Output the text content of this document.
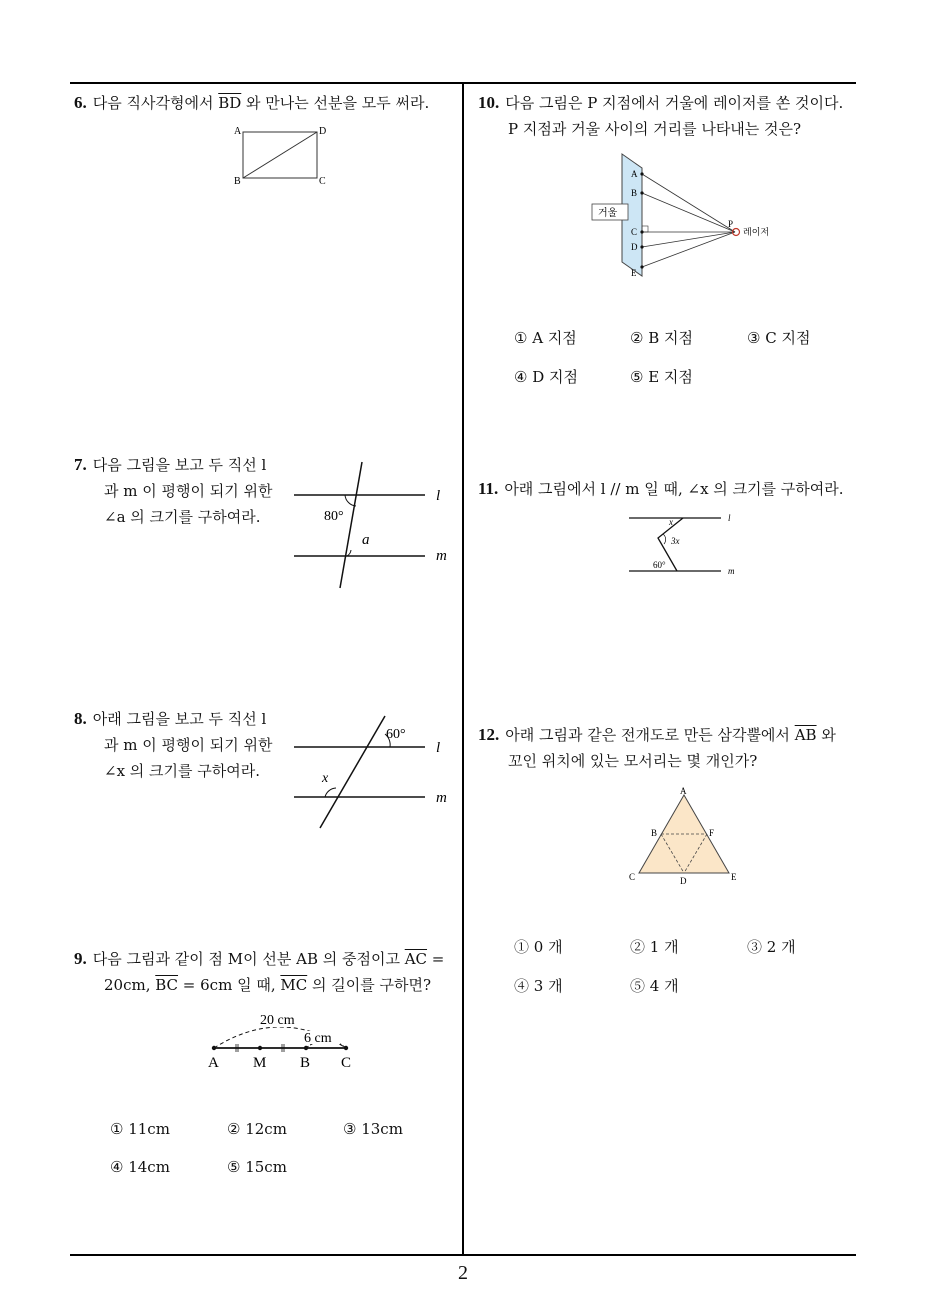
6. 다음 직사각형에서 $\overline{BD}$ 와 만나는 선분을 모두 써라.
A	D
B	C
7. 다음 그림을 보고 두 직선 l
과 m 이 평행이 되기 위한
∠a 의 크기를 구하여라.	80°
a
l
m
8. 아래 그림을 보고 두 직선 l
과 m 이 평행이 되기 위한
∠x 의 크기를 구하여라.
60°
x
l
m
9. 다음 그림과 같이 점 M이 선분 AB 의 중점이고 $\overline{AC}$ =
20cm, $\overline{BC} = 6cm$ 일 때, $\overline{MC}$ 의 길이를 구하면?
20 cm
6 cm
A M B C
① 11cm	② 12cm	③ 13cm
④ 14cm	⑤ 15cm
10. 다음 그림은 P 지점에서 거울에 레이저를 쏜 것이다.
P 지점과 거울 사이의 거리를 나타내는 것은?
거울
A
B
C
D
E
P
레이저
① A 지점	② B 지점	③ C 지점
④ D 지점	⑤ E 지점
11. 아래 그림에서 l // m 일 때, ∠x 의 크기를 구하여라.
x
3x
60°
l
m
12. 아래 그림과 같은 전개도로 만든 삼각뿔에서 $\overline{AB}$ 와
꼬인 위치에 있는 모서리는 몇 개인가?
A
B	F
C	D	E
① 0 개	② 1 개	③ 2 개
④ 3 개	⑤ 4 개
2
